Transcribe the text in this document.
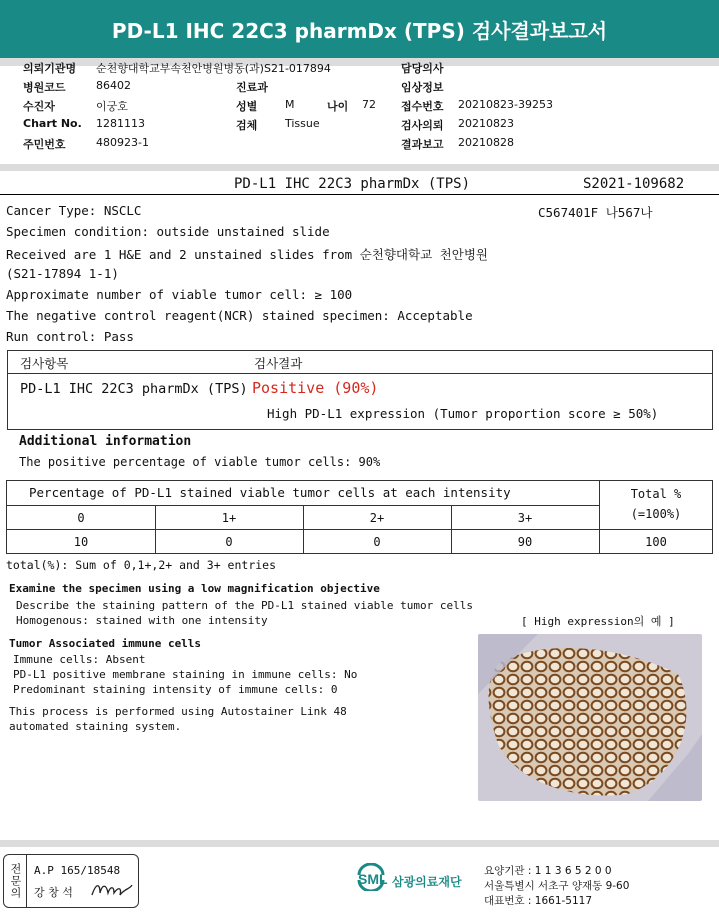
PD-L1 IHC 22C3 pharmDx (TPS) 검사결과보고서
의뢰기관명 순천향대학교부속천안병원병동(과)S21-017894
병원코드	86402
수진자	이궁호
Chart No. 1281113
주민번호	480923-1
진료과
성별	M	나이 72
검체	Tissue
담당의사
임상정보
접수번호 20210823-39253
검사의뢰 20210823
결과보고 20210828
PD-L1 IHC 22C3 pharmDx (TPS)	S2021-109682
Cancer Type: NSCLC	C567401F 나567나
Specimen condition: outside unstained slide
Received are 1 H&E and 2 unstained slides from 순천향대학교 천안병원
(S21-17894 1-1)
Approximate number of viable tumor cell: ≥ 100
The negative control reagent(NCR) stained specimen: Acceptable
Run control: Pass
검사항목	검사결과
PD-L1 IHC 22C3 pharmDx (TPS) Positive (90%)
High PD-L1 expression (Tumor proportion score ≥ 50%)
Additional information
The positive percentage of viable tumor cells: 90%
Percentage of PD-L1 stained viable tumor cells at each intensity	Total %
(=100%)
0	1+	2+	3+
10	0	0	90	100
total(%): Sum of 0,1+,2+ and 3+ entries
Examine the specimen using a low magnification objective
Describe the staining pattern of the PD-L1 stained viable tumor cells
Homogenous: stained with one intensity	[ High expression의 예 ]
Tumor Associated immune cells
Immune cells: Absent
PD-L1 positive membrane staining in immune cells: No
Predominant staining intensity of immune cells: 0
This process is performed using Autostainer Link 48
automated staining system.
전문의 A.P 165/18548
강 창 석
SML 삼광의료재단
요양기관 : 1 1 3 6 5 2 0 0
서울특별시 서초구 양재동 9-60
대표번호 : 1661-5117
